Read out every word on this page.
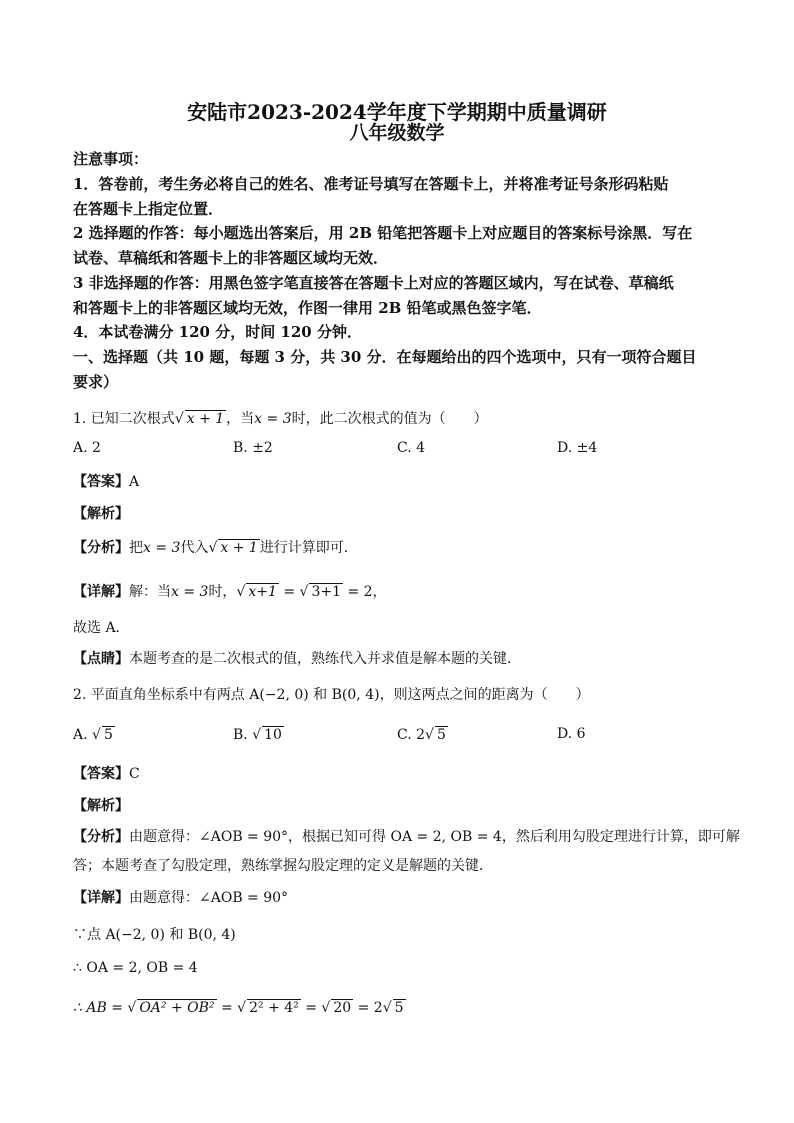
安陆市2023-2024学年度下学期期中质量调研
八年级数学
注意事项：
1．答卷前，考生务必将自己的姓名、准考证号填写在答题卡上，并将准考证号条形码粘贴
在答题卡上指定位置．
2 选择题的作答：每小题选出答案后，用 2B 铅笔把答题卡上对应题目的答案标号涂黑．写在
试卷、草稿纸和答题卡上的非答题区域均无效．
3 非选择题的作答：用黑色签字笔直接答在答题卡上对应的答题区域内，写在试卷、草稿纸
和答题卡上的非答题区域均无效，作图一律用 2B 铅笔或黑色签字笔．
4．本试卷满分 120 分，时间 120 分钟．
一、选择题（共 10 题，每题 3 分，共 30 分．在每题给出的四个选项中，只有一项符合题目
要求）
1. 已知二次根式√ x + 1 ，当x = 3时，此二次根式的值为（　　）
A. 2	B. ±2	C. 4	D. ±4
【答案】A
【解析】
【分析】把x = 3代入√ x + 1 进行计算即可．
【详解】解：当x = 3时，√ x+1 = √ 3+1 = 2，
故选 A．
【点睛】本题考查的是二次根式的值，熟练代入并求值是解本题的关键．
2. 平面直角坐标系中有两点 A(−2, 0) 和 B(0, 4)，则这两点之间的距离为（　　）
A. √ 5	B. √ 10	C. 2√ 5	D. 6
【答案】C
【解析】
【分析】由题意得：∠AOB = 90°，根据已知可得 OA = 2, OB = 4，然后利用勾股定理进行计算，即可解
答；本题考查了勾股定理，熟练掌握勾股定理的定义是解题的关键．
【详解】由题意得：∠AOB = 90°
∵点 A(−2, 0) 和 B(0, 4)
∴ OA = 2, OB = 4
∴ AB = √ OA² + OB² = √ 2² + 4² = √ 20 = 2√ 5
